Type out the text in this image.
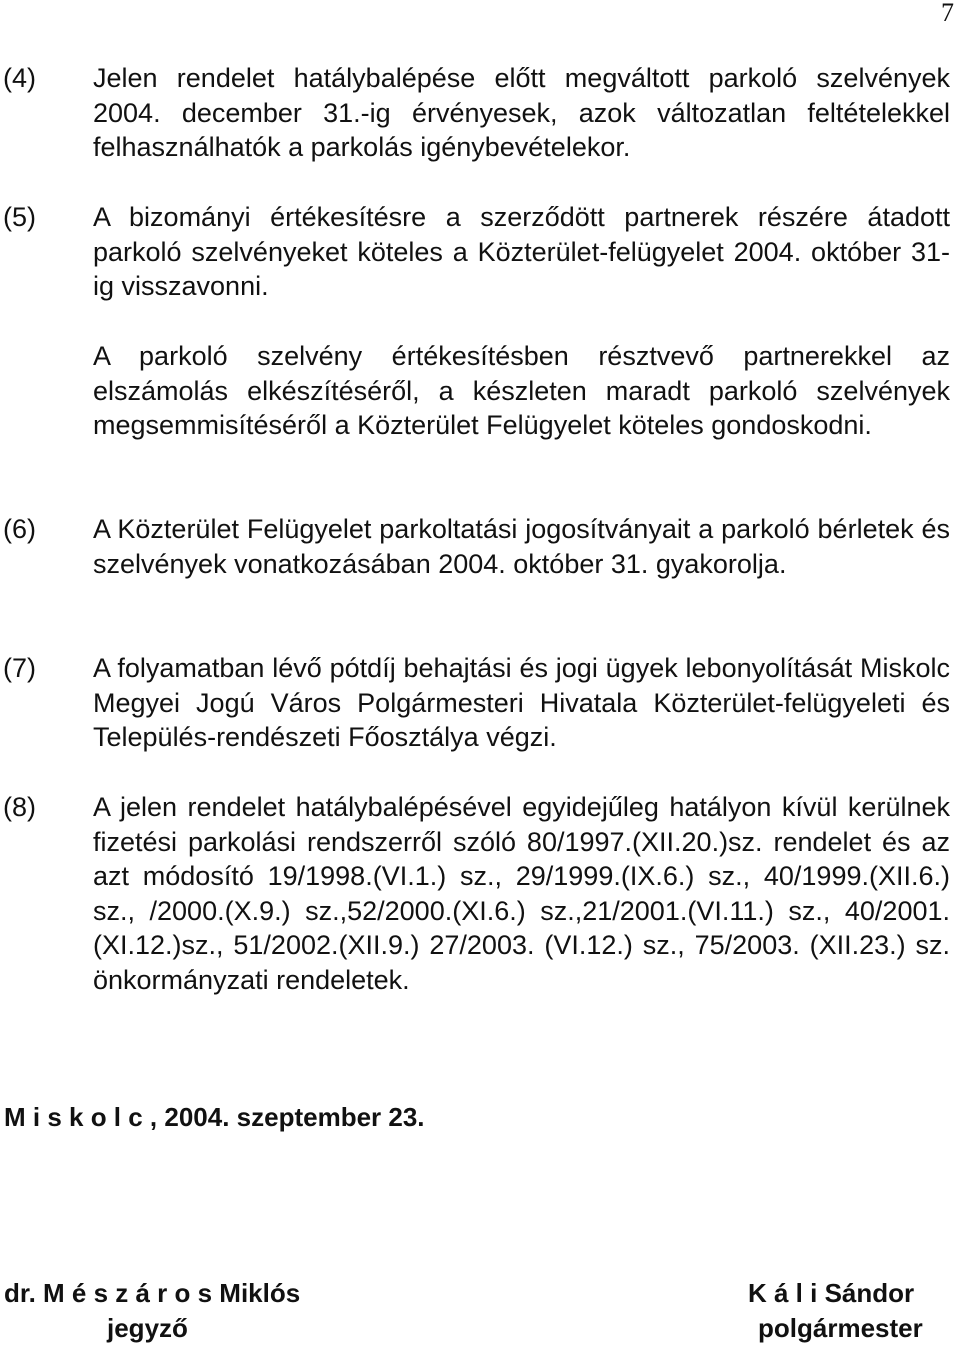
7
(4)	Jelen rendelet hatálybalépése előtt megváltott parkoló szelvények 2004. december 31.-ig érvényesek, azok változatlan feltételekkel felhasználhatók a parkolás igénybevételekor.
(5)	A bizományi értékesítésre a szerződött partnerek részére átadott parkoló szelvényeket köteles a Közterület-felügyelet 2004. október 31-ig visszavonni.
A parkoló szelvény értékesítésben résztvevő partnerekkel az elszámolás elkészítéséről, a készleten maradt parkoló szelvények megsemmisítéséről a Közterület Felügyelet köteles gondoskodni.
(6)	A Közterület Felügyelet parkoltatási jogosítványait a parkoló bérletek és szelvények vonatkozásában 2004. október 31. gyakorolja.
(7)	A folyamatban lévő pótdíj behajtási és jogi ügyek lebonyolítását Miskolc Megyei Jogú Város Polgármesteri Hivatala Közterület-felügyeleti és Település-rendészeti Főosztálya végzi.
(8)	A jelen rendelet hatálybalépésével egyidejűleg hatályon kívül kerülnek fizetési parkolási rendszerről szóló 80/1997.(XII.20.)sz. rendelet és az azt módosító 19/1998.(VI.1.) sz., 29/1999.(IX.6.) sz., 40/1999.(XII.6.) sz., /2000.(X.9.) sz.,52/2000.(XI.6.) sz.,21/2001.(VI.11.) sz., 40/2001.(XI.12.)sz., 51/2002.(XII.9.) 27/2003. (VI.12.) sz., 75/2003. (XII.23.) sz. önkormányzati rendeletek.
M i s k o l c , 2004. szeptember 23.
dr. M é s z á r o s Miklós
jegyző
K á l i Sándor
polgármester
